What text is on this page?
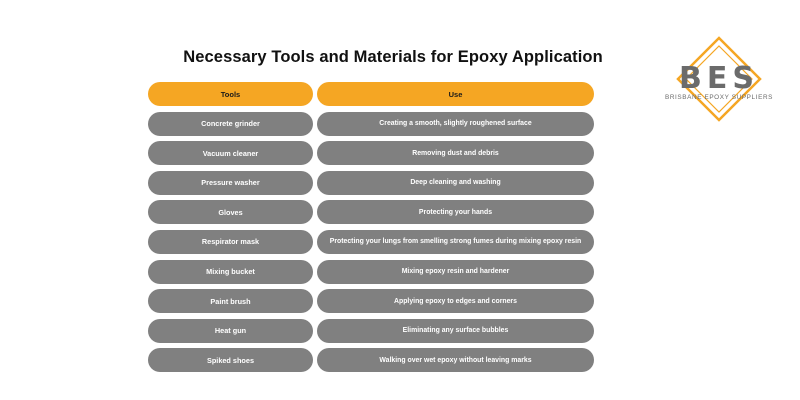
Necessary Tools and Materials for Epoxy Application
Tools	Use
Concrete grinder	Creating a smooth, slightly roughened surface
Vacuum cleaner	Removing dust and debris
Pressure washer	Deep cleaning and washing
Gloves	Protecting your hands
Respirator mask	Protecting your lungs from smelling strong fumes during mixing epoxy resin
Mixing bucket	Mixing epoxy resin and hardener
Paint brush	Applying epoxy to edges and corners
Heat gun	Eliminating any surface bubbles
Spiked shoes	Walking over wet epoxy without leaving marks
BES
BRISBANE EPOXY SUPPLIERS
